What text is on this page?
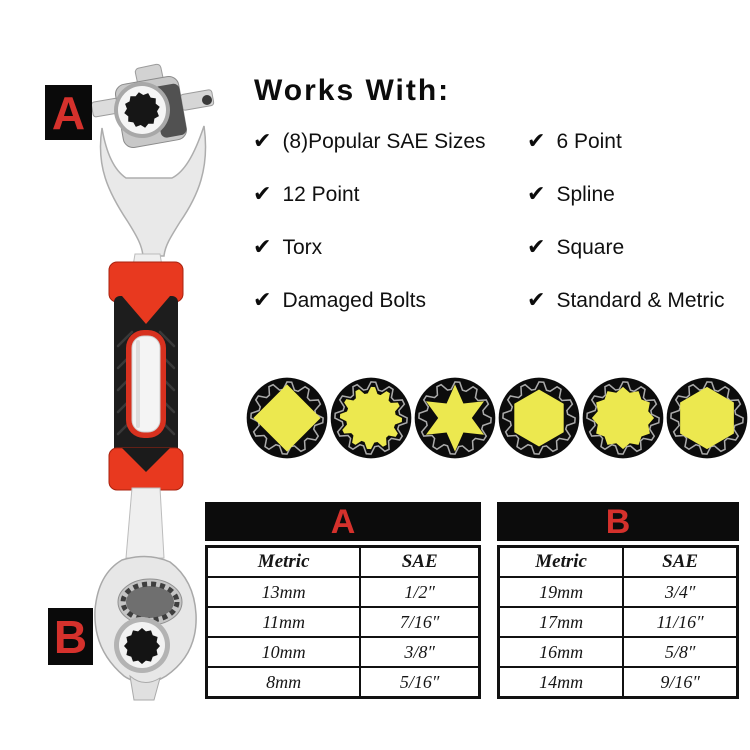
A
B
Works With:
✔ (8)Popular SAE Sizes
✔ 12 Point
✔ Torx
✔ Damaged Bolts
✔ 6 Point
✔ Spline
✔ Square
✔ Standard & Metric
A
Metric	SAE
13mm	1/2″
11mm	7/16″
10mm	3/8″
8mm	5/16″
B
Metric	SAE
19mm	3/4″
17mm	11/16″
16mm	5/8″
14mm	9/16″
